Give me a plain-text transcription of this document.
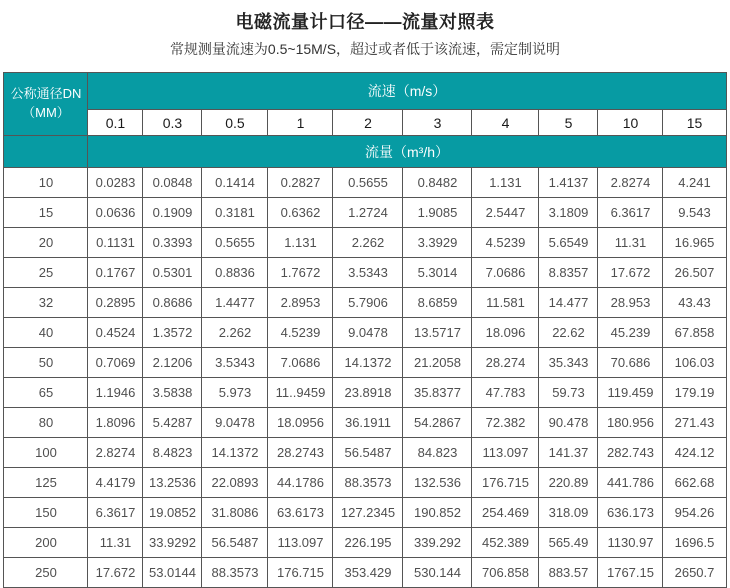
电磁流量计口径——流量对照表

常规测量流速为0.5~15M/S，超过或者低于该流速，需定制说明

公称通径DN
（MM）	流速（m/s）									
	0.1	0.3	0.5	1	2	3	4	5	10	15
	流量（m³/h）									
10	0.0283	0.0848	0.1414	0.2827	0.5655	0.8482	1.131	1.4137	2.8274	4.241
15	0.0636	0.1909	0.3181	0.6362	1.2724	1.9085	2.5447	3.1809	6.3617	9.543
20	0.1131	0.3393	0.5655	1.131	2.262	3.3929	4.5239	5.6549	11.31	16.965
25	0.1767	0.5301	0.8836	1.7672	3.5343	5.3014	7.0686	8.8357	17.672	26.507
32	0.2895	0.8686	1.4477	2.8953	5.7906	8.6859	11.581	14.477	28.953	43.43
40	0.4524	1.3572	2.262	4.5239	9.0478	13.5717	18.096	22.62	45.239	67.858
50	0.7069	2.1206	3.5343	7.0686	14.1372	21.2058	28.274	35.343	70.686	106.03
65	1.1946	3.5838	5.973	11..9459	23.8918	35.8377	47.783	59.73	119.459	179.19
80	1.8096	5.4287	9.0478	18.0956	36.1911	54.2867	72.382	90.478	180.956	271.43
100	2.8274	8.4823	14.1372	28.2743	56.5487	84.823	113.097	141.37	282.743	424.12
125	4.4179	13.2536	22.0893	44.1786	88.3573	132.536	176.715	220.89	441.786	662.68
150	6.3617	19.0852	31.8086	63.6173	127.2345	190.852	254.469	318.09	636.173	954.26
200	11.31	33.9292	56.5487	113.097	226.195	339.292	452.389	565.49	1130.97	1696.5
250	17.672	53.0144	88.3573	176.715	353.429	530.144	706.858	883.57	1767.15	2650.7
